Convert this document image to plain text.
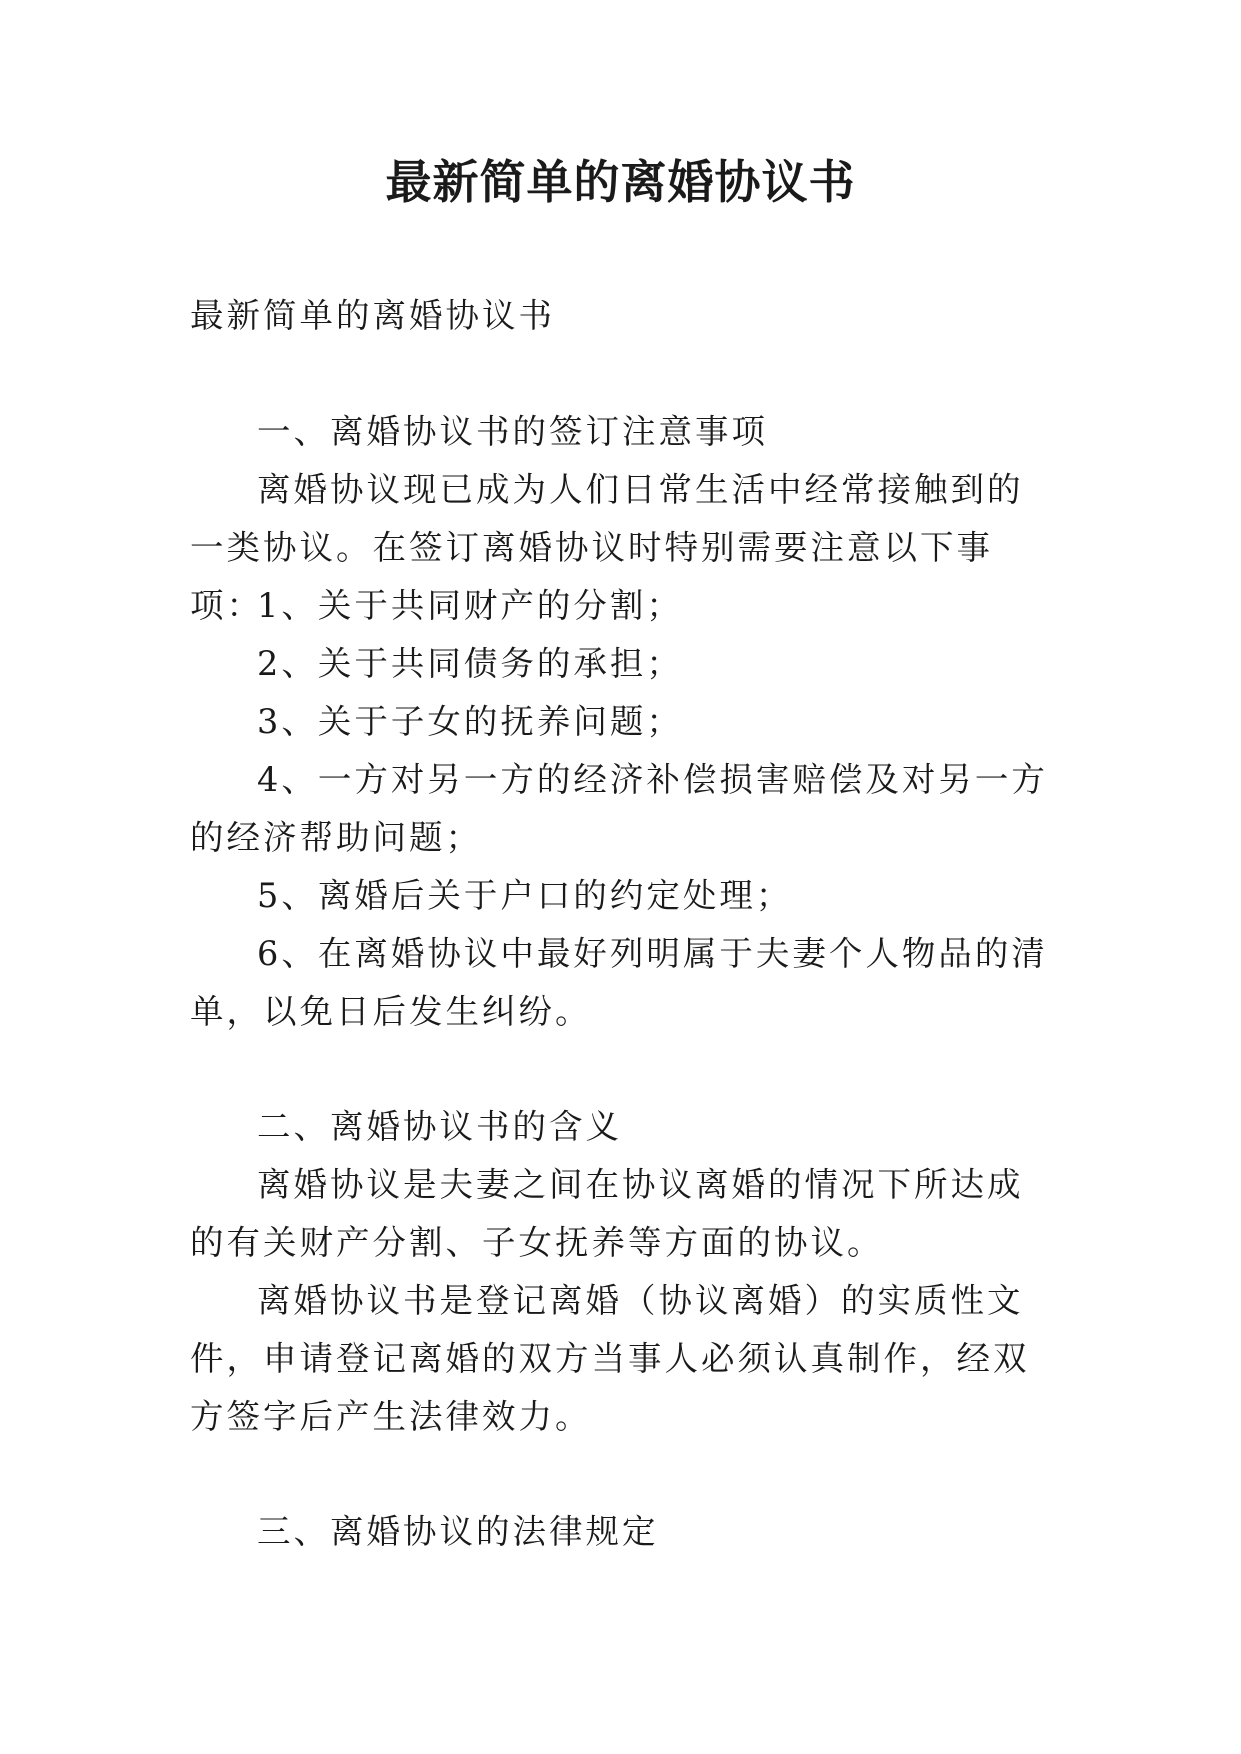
最新简单的离婚协议书

最新简单的离婚协议书

一、离婚协议书的签订注意事项

离婚协议现已成为人们日常生活中经常接触到的一类协议。在签订离婚协议时特别需要注意以下事项：

1、关于共同财产的分割；

2、关于共同债务的承担；

3、关于子女的抚养问题；

4、一方对另一方的经济补偿损害赔偿及对另一方的经济帮助问题；

5、离婚后关于户口的约定处理；

6、在离婚协议中最好列明属于夫妻个人物品的清单，以免日后发生纠纷。

二、离婚协议书的含义

离婚协议是夫妻之间在协议离婚的情况下所达成的有关财产分割、子女抚养等方面的协议。

离婚协议书是登记离婚（协议离婚）的实质性文件，申请登记离婚的双方当事人必须认真制作，经双方签字后产生法律效力。

三、离婚协议的法律规定
